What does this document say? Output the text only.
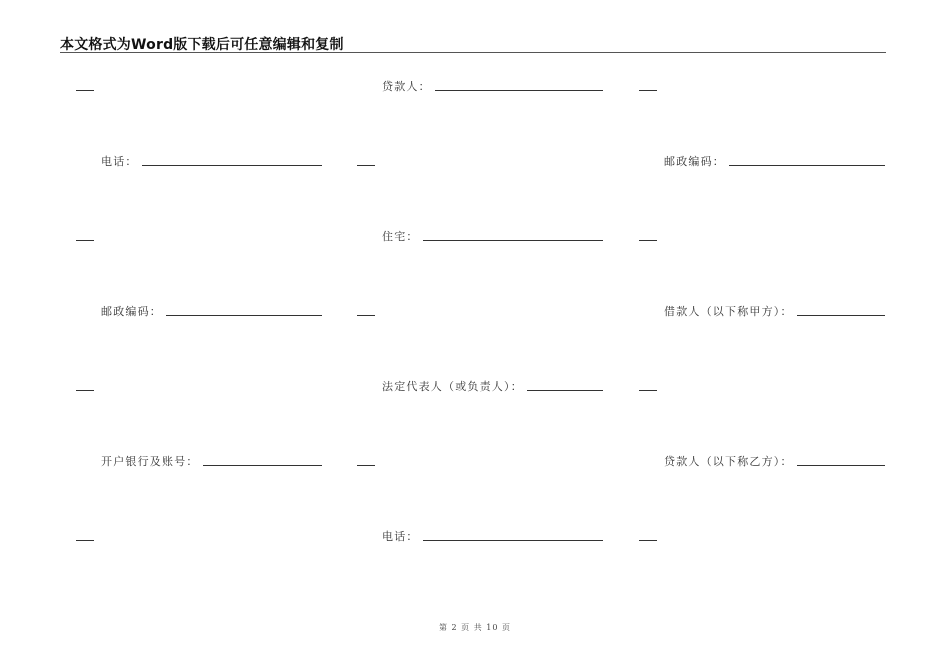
本文格式为Word版下载后可任意编辑和复制
贷款人：
电话：	邮政编码：
住宅：
邮政编码：	借款人（以下称甲方）：
法定代表人（或负责人）：
开户银行及账号：	贷款人（以下称乙方）：
电话：
第 2 页 共 10 页
